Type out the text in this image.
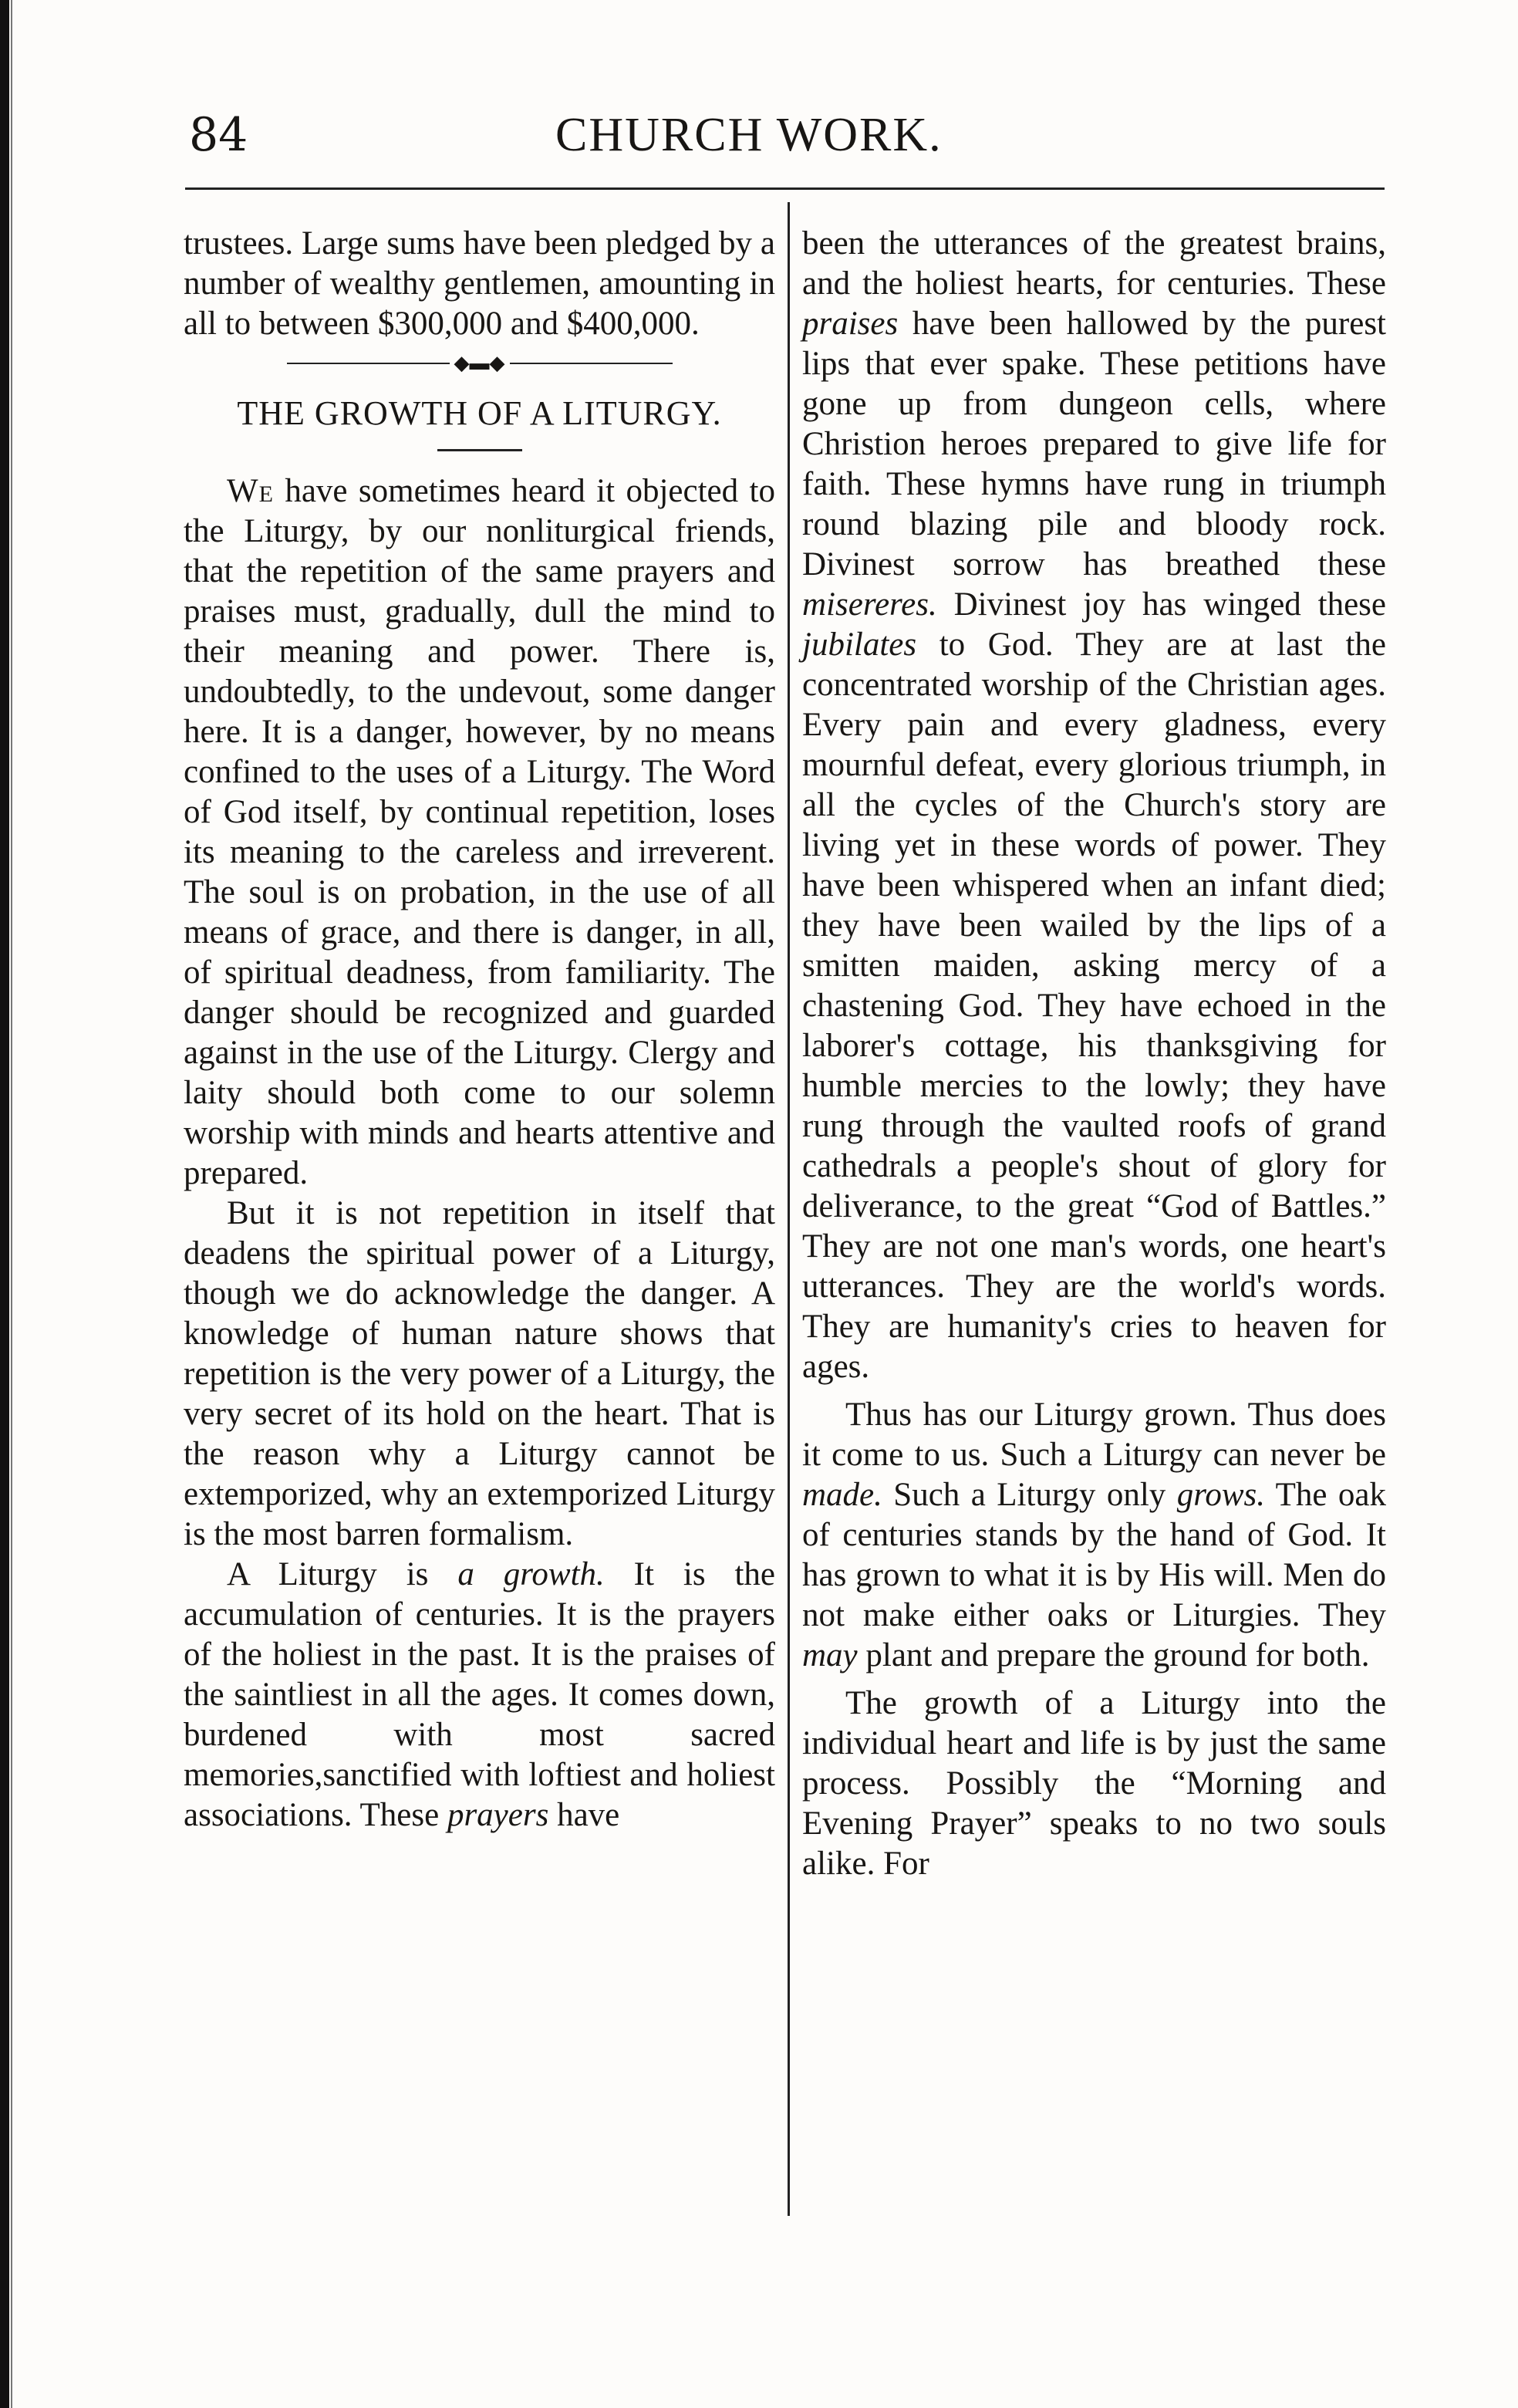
84	CHURCH WORK.

trustees. Large sums have been pledged by a number of wealthy gentlemen, amounting in all to between $300,000 and $400,000.

◆▬◆
THE GROWTH OF A LITURGY.

We have sometimes heard it objected to the Liturgy, by our nonliturgical friends, that the repetition of the same prayers and praises must, gradually, dull the mind to their meaning and power. There is, undoubtedly, to the undevout, some danger here. It is a danger, however, by no means confined to the uses of a Liturgy. The Word of God itself, by continual repetition, loses its meaning to the careless and irreverent. The soul is on probation, in the use of all means of grace, and there is danger, in all, of spiritual deadness, from familiarity. The danger should be recognized and guarded against in the use of the Liturgy. Clergy and laity should both come to our solemn worship with minds and hearts attentive and prepared.

But it is not repetition in itself that deadens the spiritual power of a Liturgy, though we do acknowledge the danger. A knowledge of human nature shows that repetition is the very power of a Liturgy, the very secret of its hold on the heart. That is the reason why a Liturgy cannot be extemporized, why an extemporized Liturgy is the most barren formalism.

A Liturgy is a growth. It is the accumulation of centuries. It is the prayers of the holiest in the past. It is the praises of the saintliest in all the ages. It comes down, burdened with most sacred memories,sanctified with loftiest and holiest associations. These prayers have

been the utterances of the greatest brains, and the holiest hearts, for centuries. These praises have been hallowed by the purest lips that ever spake. These petitions have gone up from dungeon cells, where Christion heroes prepared to give life for faith. These hymns have rung in triumph round blazing pile and bloody rock. Divinest sorrow has breathed these misereres. Divinest joy has winged these jubilates to God. They are at last the concentrated worship of the Christian ages. Every pain and every gladness, every mournful defeat, every glorious triumph, in all the cycles of the Church's story are living yet in these words of power. They have been whispered when an infant died; they have been wailed by the lips of a smitten maiden, asking mercy of a chastening God. They have echoed in the laborer's cottage, his thanksgiving for humble mercies to the lowly; they have rung through the vaulted roofs of grand cathedrals a people's shout of glory for deliverance, to the great “God of Battles.” They are not one man's words, one heart's utterances. They are the world's words. They are humanity's cries to heaven for ages.

Thus has our Liturgy grown. Thus does it come to us. Such a Liturgy can never be made. Such a Liturgy only grows. The oak of centuries stands by the hand of God. It has grown to what it is by His will. Men do not make either oaks or Liturgies. They may plant and prepare the ground for both.

The growth of a Liturgy into the individual heart and life is by just the same process. Possibly the “Morning and Evening Prayer” speaks to no two souls alike. For
